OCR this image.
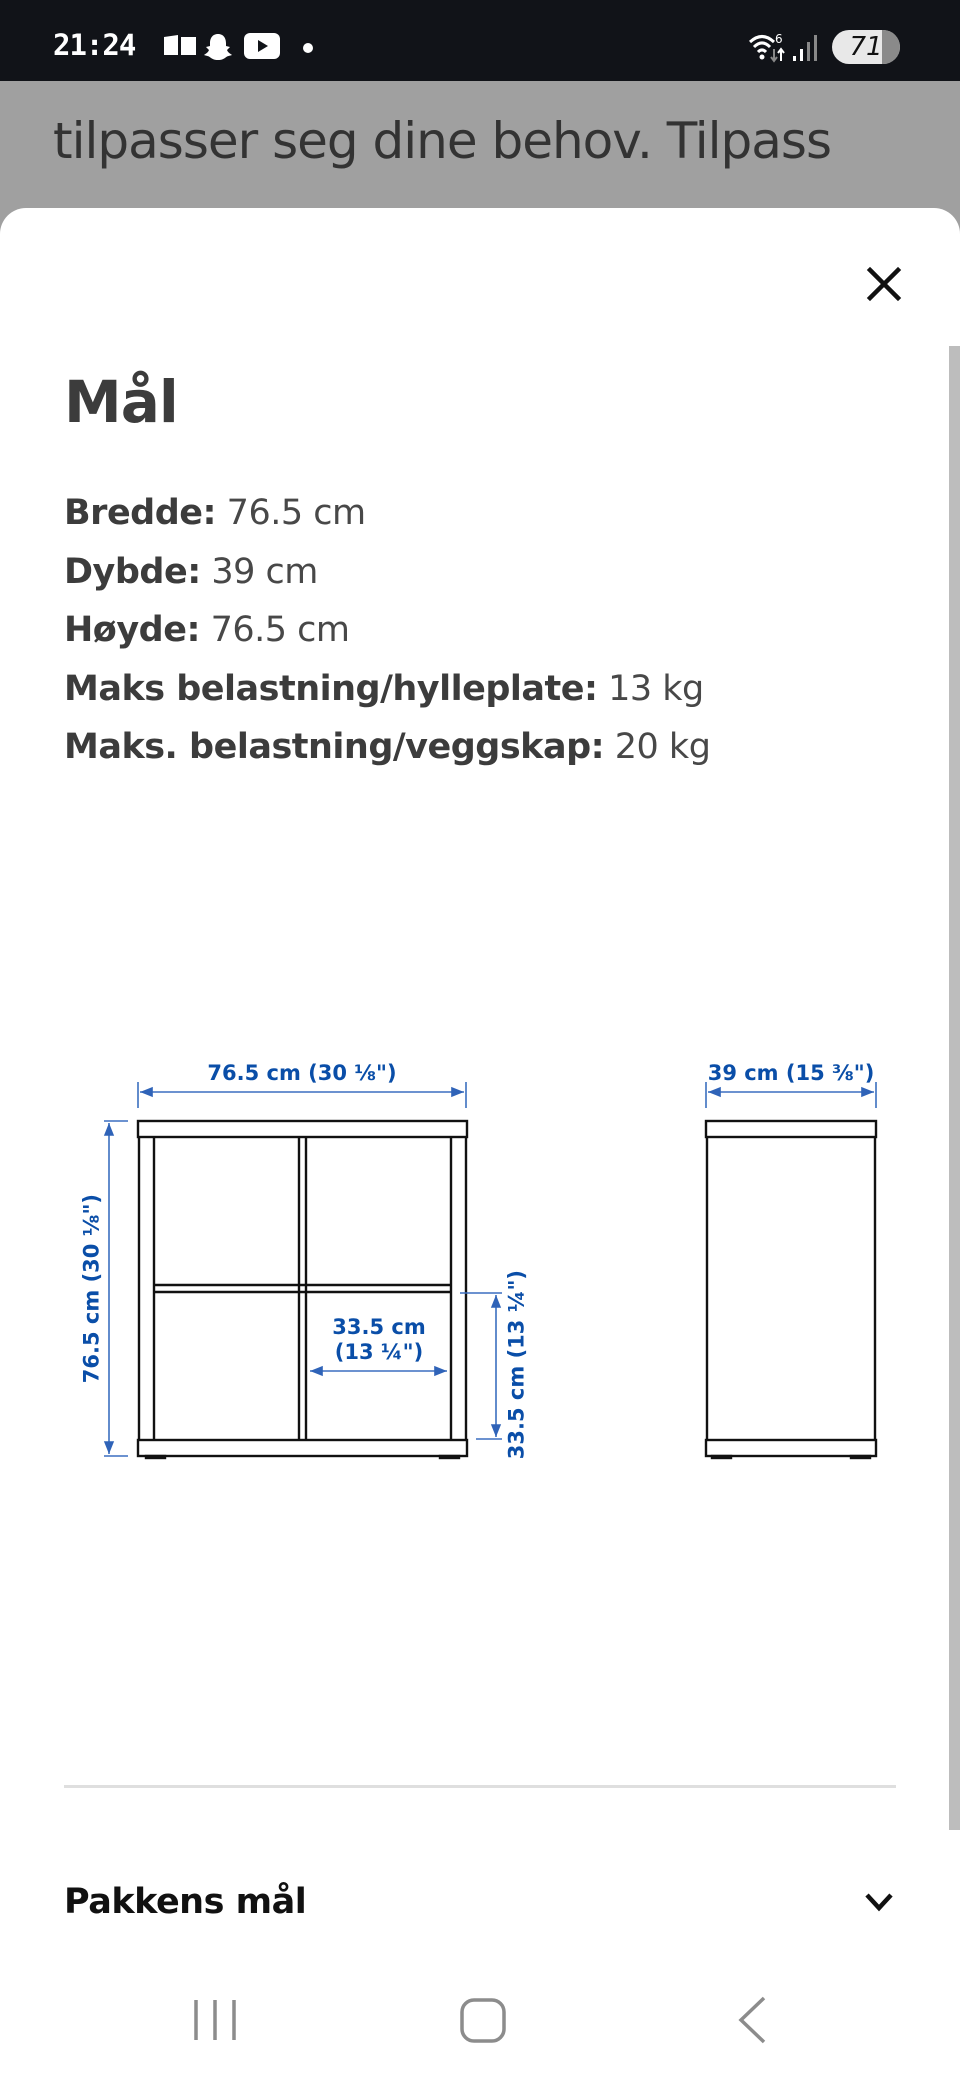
21:24	6	71
tilpasser seg dine behov. Tilpass
Mål
Bredde: 76.5 cm
Dybde: 39 cm
Høyde: 76.5 cm
Maks belastning/hylleplate: 13 kg
Maks. belastning/veggskap: 20 kg
76.5 cm (30 ⅛")	39 cm (15 ⅜")
76.5 cm (30 ⅛")	33.5 cm
(13 ¼")	33.5 cm (13 ¼")
Pakkens mål
